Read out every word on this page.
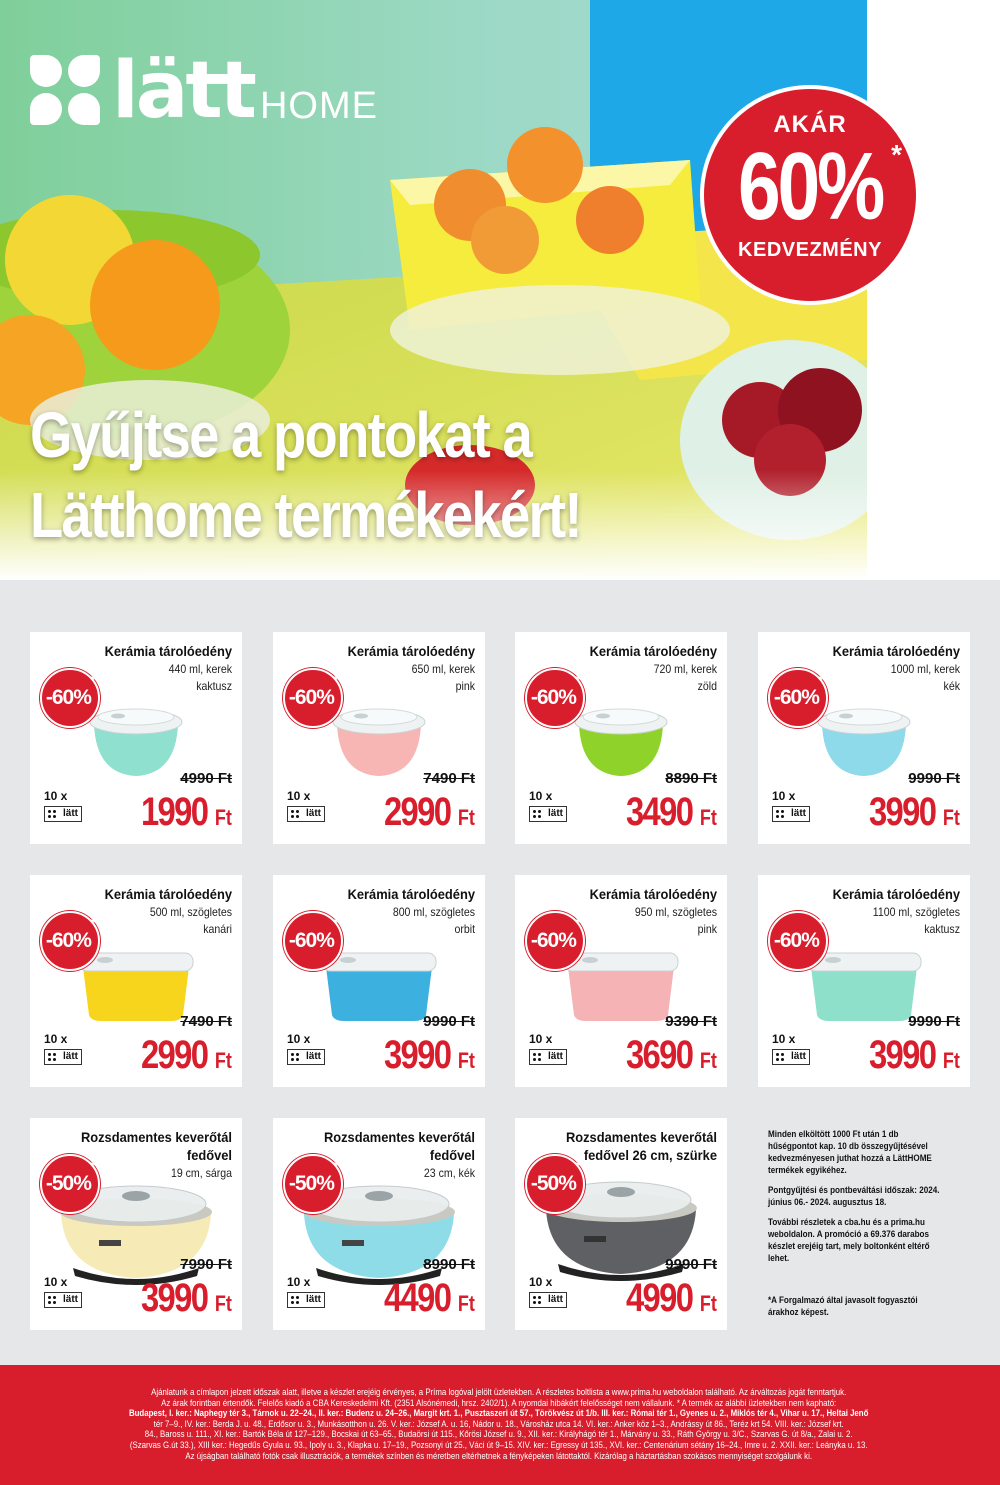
lätt HOME
Gyűjtse a pontokat a
Lätthome termékekért!
AKÁR
60% *
KEDVEZMÉNY
Kerámia tárolóedény
440 ml, kerek
kaktusz
-60%*
4990 Ft
10 x
lätt 1990 Ft
Kerámia tárolóedény
650 ml, kerek
pink
-60%*
7490 Ft
10 x
lätt 2990 Ft
Kerámia tárolóedény
720 ml, kerek
zöld
-60%*
8890 Ft
10 x
lätt 3490 Ft
Kerámia tárolóedény
1000 ml, kerek
kék
-60%*
9990 Ft
10 x
lätt 3990 Ft
Kerámia tárolóedény
500 ml, szögletes
kanári
-60%*
7490 Ft
10 x
lätt 2990 Ft
Kerámia tárolóedény
800 ml, szögletes
orbit
-60%*
9990 Ft
10 x
lätt 3990 Ft
Kerámia tárolóedény
950 ml, szögletes
pink
-60%*
9390 Ft
10 x
lätt 3690 Ft
Kerámia tárolóedény
1100 ml, szögletes
kaktusz
-60%*
9990 Ft
10 x
lätt 3990 Ft
Rozsdamentes keverőtál
fedővel
19 cm, sárga
-50%*
7990 Ft
10 x
lätt 3990 Ft
Rozsdamentes keverőtál
fedővel
23 cm, kék
-50%*
8990 Ft
10 x
lätt 4490 Ft
Rozsdamentes keverőtál
fedővel 26 cm, szürke
-50%*
9990 Ft
10 x
lätt 4990 Ft

Minden elköltött 1000 Ft után 1 db hűségpontot kap. 10 db összegyűjtésével kedvezményesen juthat hozzá a LättHOME termékek egyikéhez.

Pontgyűjtési és pontbeváltási időszak: 2024. június 06.- 2024. augusztus 18.

További részletek a cba.hu és a prima.hu weboldalon. A promóció a 69.376 darabos készlet erejéig tart, mely boltonként eltérő lehet.

*A Forgalmazó által javasolt fogyasztói árakhoz képest.

Ajánlatunk a címlapon jelzett időszak alatt, illetve a készlet erejéig érvényes, a Príma logóval jelölt üzletekben. A részletes boltlista a www.prima.hu weboldalon található. Az árváltozás jogát fenntartjuk.
Az árak forintban értendők. Felelős kiadó a CBA Kereskedelmi Kft. (2351 Alsónémedi, hrsz. 2402/1). A nyomdai hibákért felelősséget nem vállalunk. * A termék az alábbi üzletekben nem kapható:
Budapest, I. ker.: Naphegy tér 3., Tárnok u. 22–24., II. ker.: Budenz u. 24–26., Margit krt. 1., Pusztaszeri út 57., Törökvész út 1/b. III. ker.: Római tér 1., Gyenes u. 2., Miklós tér 4., Vihar u. 17., Heltai Jenő
tér 7–9., IV. ker.: Berda J. u. 48., Erdősor u. 3., Munkásotthon u. 26. V. ker.: József A. u. 16, Nádor u. 18., Városház utca 14. VI. ker.: Anker köz 1–3., Andrássy út 86., Teréz krt 54. VIII. ker.: József krt.
84., Baross u. 111., XI. ker.: Bartók Béla út 127–129., Bocskai út 63–65., Budaörsi út 115., Kőrösi József u. 9., XII. ker.: Királyhágó tér 1., Márvány u. 33., Ráth György u. 3/C., Szarvas G. út 8/a., Zalai u. 2.
(Szarvas G.út 33.), XIII ker.: Hegedűs Gyula u. 93., Ipoly u. 3., Klapka u. 17–19., Pozsonyi út 25., Váci út 9–15. XIV. ker.: Egressy út 135., XVI. ker.: Centenárium sétány 16–24., Imre u. 2. XXII. ker.: Leányka u. 13.
Az újságban található fotók csak illusztrációk, a termékek színben és méretben eltérhetnek a fényképeken látottaktól. Kizárólag a háztartásban szokásos mennyiséget szolgálunk ki.
